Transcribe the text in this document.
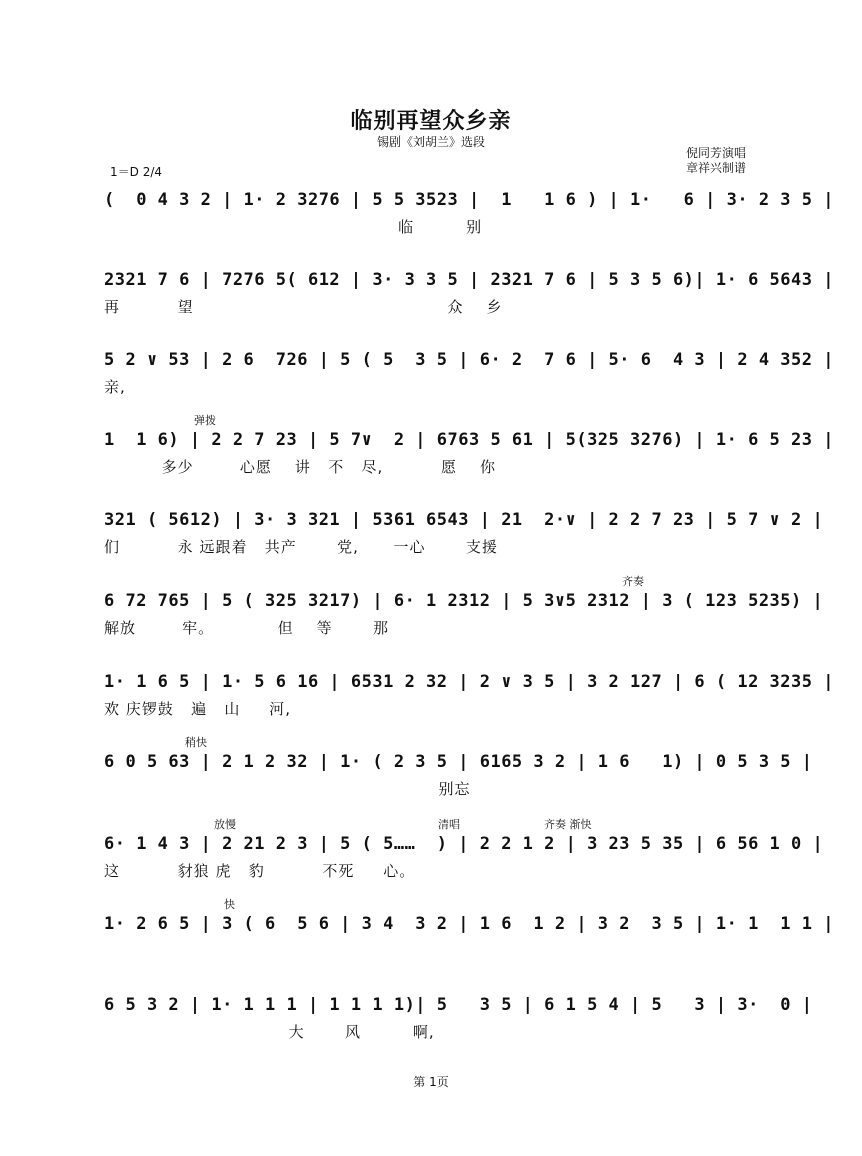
临别再望众乡亲
锡剧《刘胡兰》选段
1＝D 2/4
倪同芳演唱
章祥兴制谱
(  0 4 3 2 | 1· 2 3276 | 5 5 3523 |  1   1 6 ) | 1·   6 | 3· 2 3 5 |
临         别
2321 7 6 | 7276 5( 612 | 3· 3 3 5 | 2321 7 6 | 5 3 5 6)| 1· 6 5643 |
再          望                                            众    乡
5 2 ∨ 53 | 2 6  726 | 5 ( 5  3 5 | 6· 2  7 6 | 5· 6  4 3 | 2 4 352 |
亲,
弹拨
1  1 6) | 2 2 7 23 | 5 7∨  2 | 6763 5 61 | 5(325 3276) | 1· 6 5 23 |
多少        心愿    讲   不   尽,          愿    你
321 ( 5612) | 3· 3 321 | 5361 6543 | 21  2·∨ | 2 2 7 23 | 5 7 ∨ 2 |
们          永 远跟着   共产       党,      一心       支援
齐奏
6 72 765 | 5 ( 325 3217) | 6· 1 2312 | 5 3∨5 2312 | 3 ( 123 5235) |
解放        牢。           但    等       那
1· 1 6 5 | 1· 5 6 16 | 6531 2 32 | 2 ∨ 3 5 | 3 2 127 | 6 ( 12 3235 |
欢 庆锣鼓   遍   山     河,
稍快
6 0 5 63 | 2 1 2 32 | 1· ( 2 3 5 | 6165 3 2 | 1 6   1) | 0 5 3 5 |
别忘
放慢	清唱	齐奏 渐快
6· 1 4 3 | 2 21 2 3 | 5 ( 5……  ) | 2 2 1 2 | 3 23 5 35 | 6 56 1 0 |
这          豺狼 虎   豹          不死     心。
快
1· 2 6 5 | 3 ( 6  5 6 | 3 4  3 2 | 1 6  1 2 | 3 2  3 5 | 1· 1  1 1 |
6 5 3 2 | 1· 1 1 1 | 1 1 1 1)| 5   3 5 | 6 1 5 4 | 5   3 | 3·  0 |
大       风         啊,
第 1页
